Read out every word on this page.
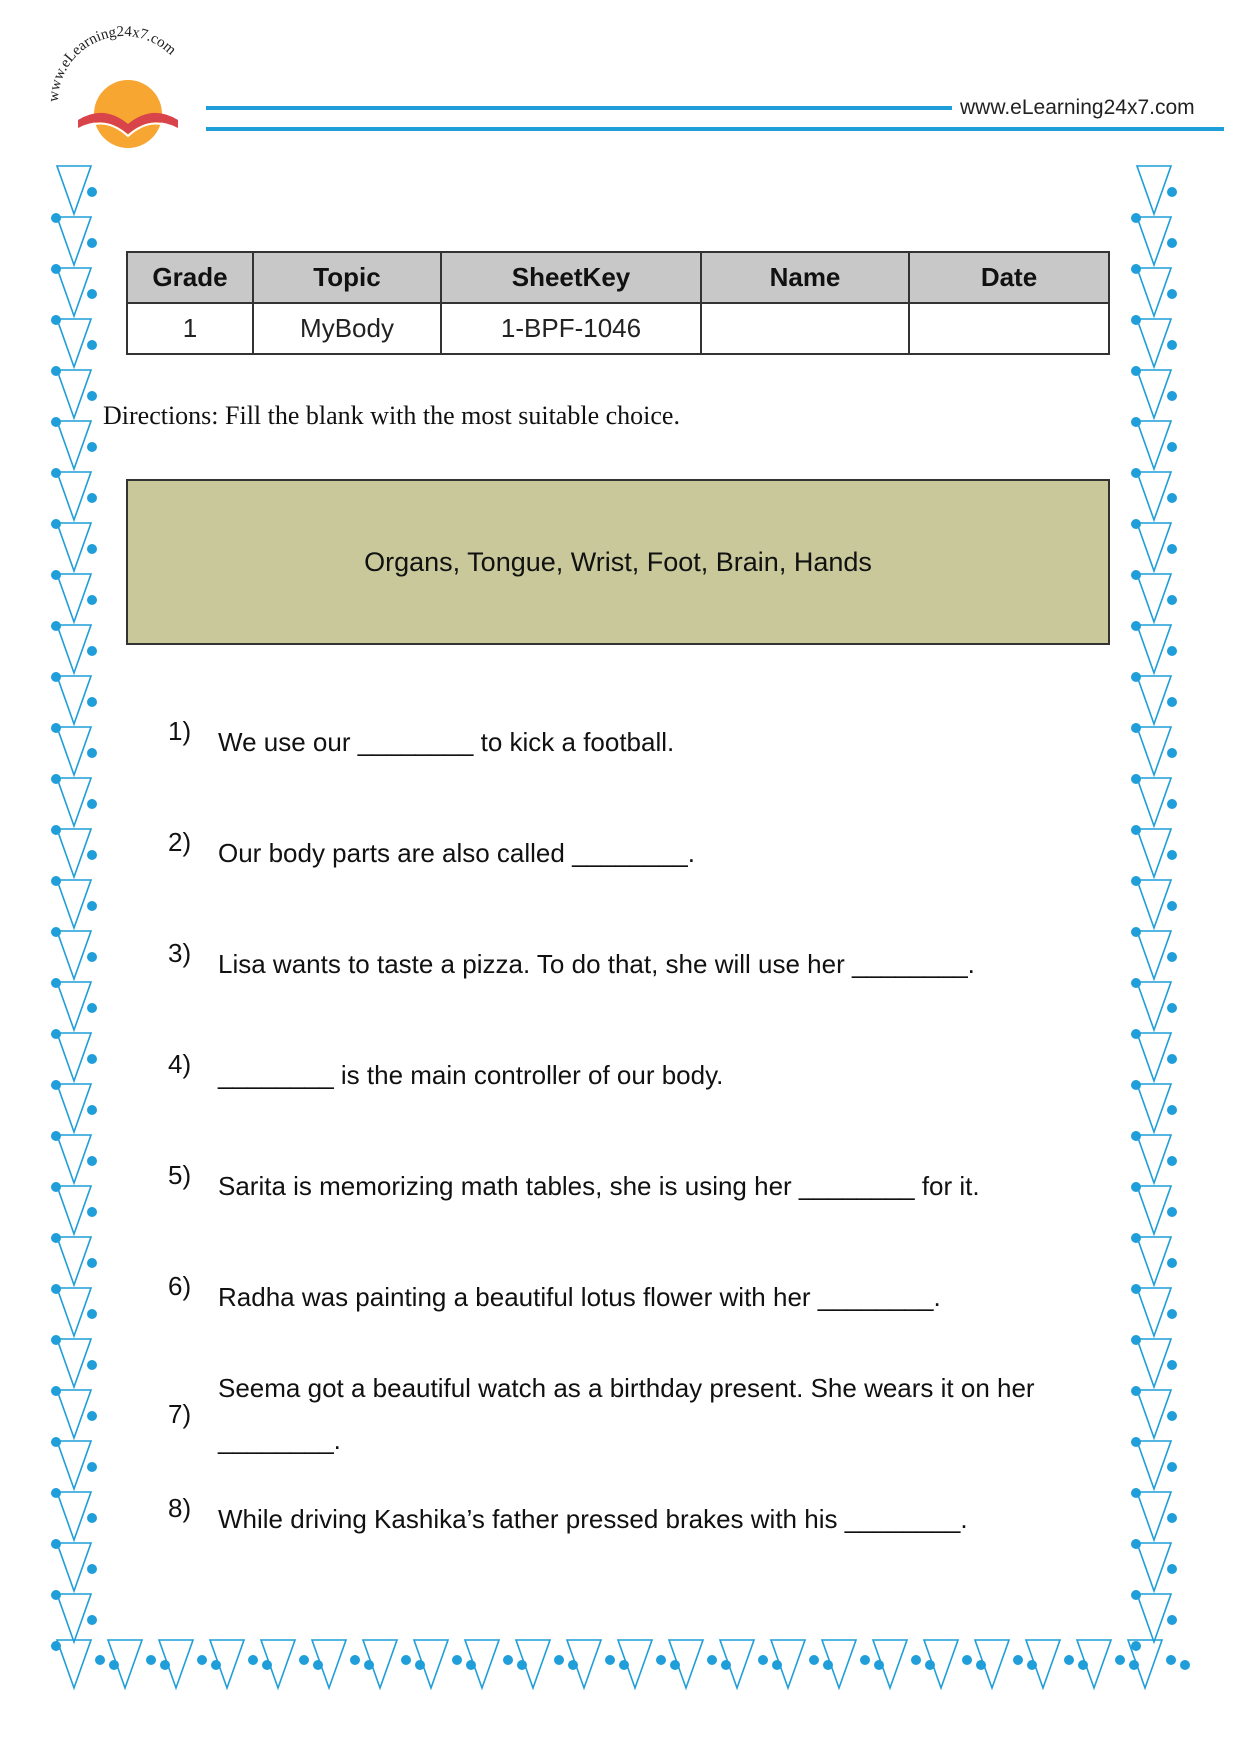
www.eLearning24x7.com
www.eLearning24x7.com
Grade	Topic	SheetKey	Name	Date
1	MyBody	1-BPF-1046		
Directions: Fill the blank with the most suitable choice.
Organs, Tongue, Wrist, Foot, Brain, Hands
1)	We use our ________ to kick a football.
2)	Our body parts are also called ________.
3)	Lisa wants to taste a pizza. To do that, she will use her ________.
4)	________ is the main controller of our body.
5)	Sarita is memorizing math tables, she is using her ________ for it.
6)	Radha was painting a beautiful lotus flower with her ________.
7)
Seema got a beautiful watch as a birthday present. She wears it on her ________.
8)	While driving Kashika’s father pressed brakes with his ________.
